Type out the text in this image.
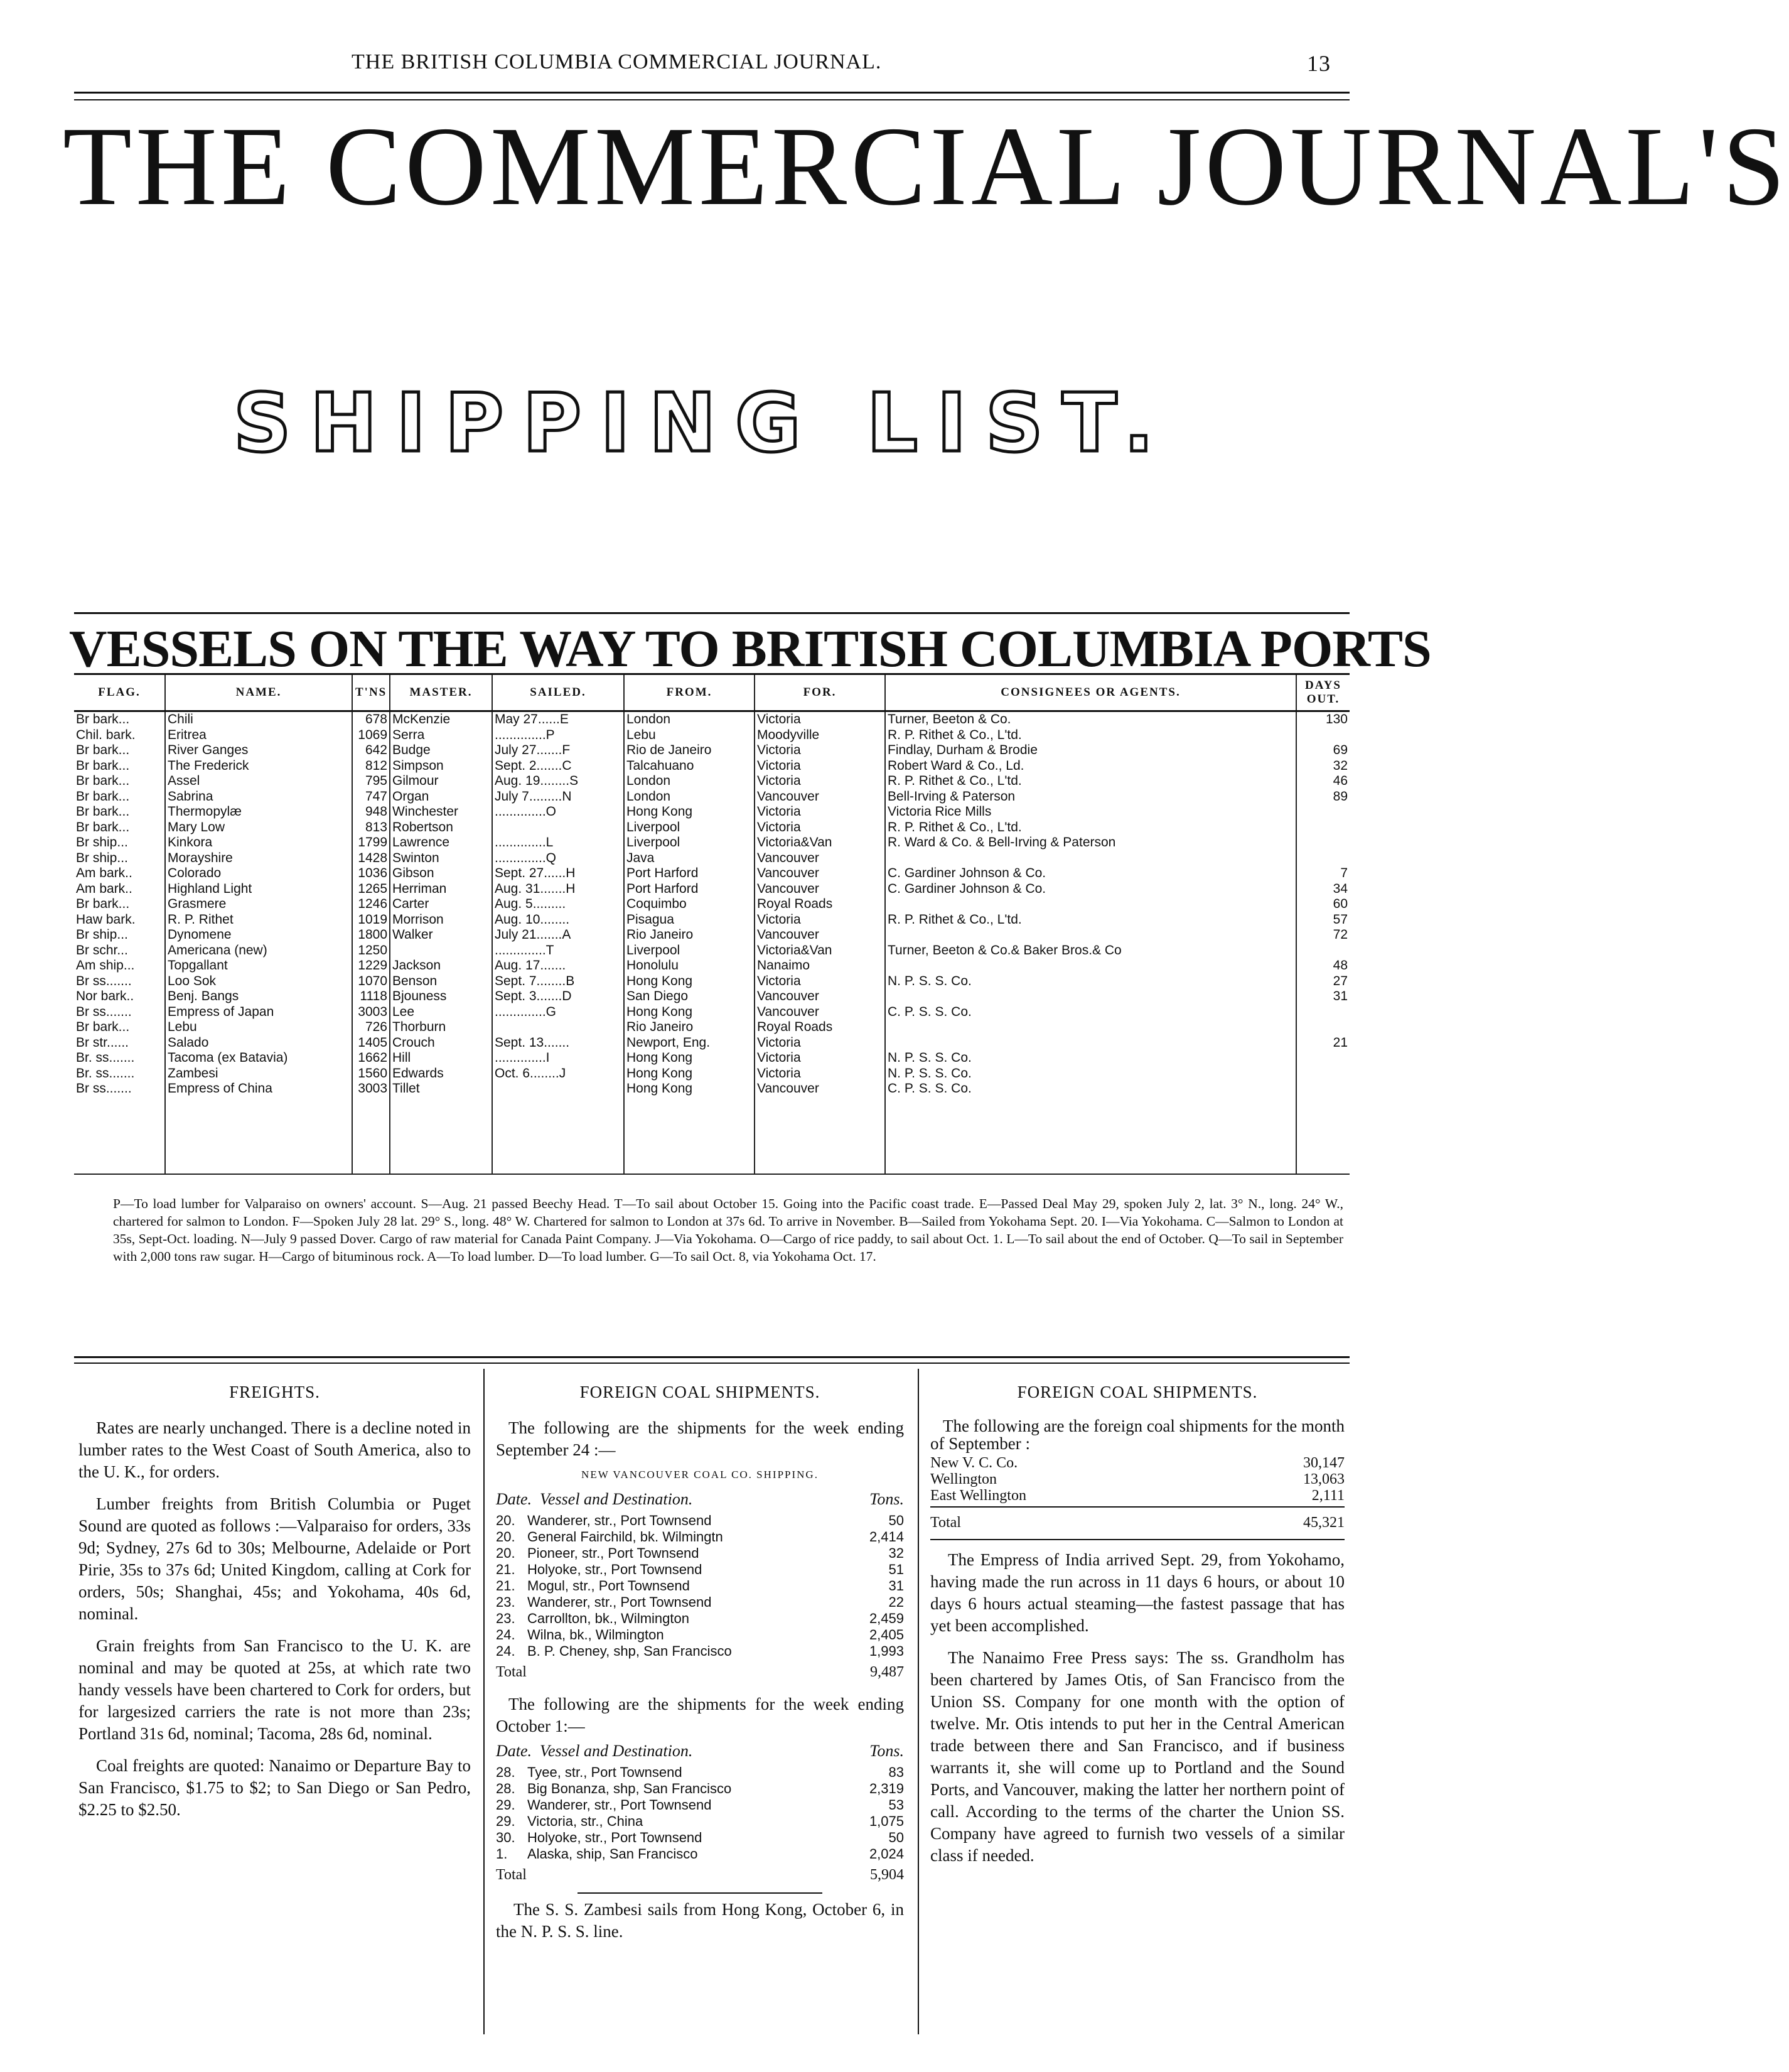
THE BRITISH COLUMBIA COMMERCIAL JOURNAL.	13
THE COMMERCIAL JOURNAL'S
SHIPPING LIST.
VESSELS ON THE WAY TO BRITISH COLUMBIA PORTS
FLAG.	NAME.	T'NS	MASTER.	SAILED.	FROM.	FOR.	CONSIGNEES OR AGENTS.	DAYS OUT.
Br bark...	Chili	678	McKenzie	May 27......E	London	Victoria	Turner, Beeton & Co.	130
Chil. bark.	Eritrea	1069	Serra	..............P	Lebu	Moodyville	R. P. Rithet & Co., L'td.	
Br bark...	River Ganges	642	Budge	July 27.......F	Rio de Janeiro	Victoria	Findlay, Durham & Brodie	69
Br bark...	The Frederick	812	Simpson	Sept. 2.......C	Talcahuano	Victoria	Robert Ward & Co., Ld.	32
Br bark...	Assel	795	Gilmour	Aug. 19........S	London	Victoria	R. P. Rithet & Co., L'td.	46
Br bark...	Sabrina	747	Organ	July 7.........N	London	Vancouver	Bell-Irving & Paterson	89
Br bark...	Thermopylæ	948	Winchester	..............O	Hong Kong	Victoria	Victoria Rice Mills	
Br bark...	Mary Low	813	Robertson		Liverpool	Victoria	R. P. Rithet & Co., L'td.	
Br ship...	Kinkora	1799	Lawrence	..............L	Liverpool	Victoria&Van	R. Ward & Co. & Bell-Irving & Paterson	
Br ship...	Morayshire	1428	Swinton	..............Q	Java	Vancouver		
Am bark..	Colorado	1036	Gibson	Sept. 27......H	Port Harford	Vancouver	C. Gardiner Johnson & Co.	7
Am bark..	Highland Light	1265	Herriman	Aug. 31.......H	Port Harford	Vancouver	C. Gardiner Johnson & Co.	34
Br bark...	Grasmere	1246	Carter	Aug. 5.........	Coquimbo	Royal Roads		60
Haw bark.	R. P. Rithet	1019	Morrison	Aug. 10........	Pisagua	Victoria	R. P. Rithet & Co., L'td.	57
Br ship...	Dynomene	1800	Walker	July 21.......A	Rio Janeiro	Vancouver		72
Br schr...	Americana (new)	1250		..............T	Liverpool	Victoria&Van	Turner, Beeton & Co.& Baker Bros.& Co	
Am ship...	Topgallant	1229	Jackson	Aug. 17.......	Honolulu	Nanaimo		48
Br ss.......	Loo Sok	1070	Benson	Sept. 7........B	Hong Kong	Victoria	N. P. S. S. Co.	27
Nor bark..	Benj. Bangs	1118	Bjouness	Sept. 3.......D	San Diego	Vancouver		31
Br ss.......	Empress of Japan	3003	Lee	..............G	Hong Kong	Vancouver	C. P. S. S. Co.	
Br bark...	Lebu	726	Thorburn		Rio Janeiro	Royal Roads		
Br str......	Salado	1405	Crouch	Sept. 13.......	Newport, Eng.	Victoria		21
Br. ss.......	Tacoma (ex Batavia)	1662	Hill	..............I	Hong Kong	Victoria	N. P. S. S. Co.	
Br. ss.......	Zambesi	1560	Edwards	Oct. 6........J	Hong Kong	Victoria	N. P. S. S. Co.	
Br ss.......	Empress of China	3003	Tillet		Hong Kong	Vancouver	C. P. S. S. Co.	

P—To load lumber for Valparaiso on owners' account. S—Aug. 21 passed Beechy Head. T—To sail about October 15. Going into the Pacific coast trade. E—Passed Deal May 29, spoken July 2, lat. 3° N., long. 24° W., chartered for salmon to London. F—Spoken July 28 lat. 29° S., long. 48° W. Chartered for salmon to London at 37s 6d. To arrive in November. B—Sailed from Yokohama Sept. 20. I—Via Yokohama. C—Salmon to London at 35s, Sept-Oct. loading. N—July 9 passed Dover. Cargo of raw material for Canada Paint Company. J—Via Yokohama. O—Cargo of rice paddy, to sail about Oct. 1. L—To sail about the end of October. Q—To sail in September with 2,000 tons raw sugar. H—Cargo of bituminous rock. A—To load lumber. D—To load lumber. G—To sail Oct. 8, via Yokohama Oct. 17.
FREIGHTS.

Rates are nearly unchanged. There is a decline noted in lumber rates to the West Coast of South America, also to the U. K., for orders.

Lumber freights from British Columbia or Puget Sound are quoted as follows :—Valparaiso for orders, 33s 9d; Sydney, 27s 6d to 30s; Melbourne, Adelaide or Port Pirie, 35s to 37s 6d; United Kingdom, calling at Cork for orders, 50s; Shanghai, 45s; and Yokohama, 40s 6d, nominal.

Grain freights from San Francisco to the U. K. are nominal and may be quoted at 25s, at which rate two handy vessels have been chartered to Cork for orders, but for largesized carriers the rate is not more than 23s; Portland 31s 6d, nominal; Tacoma, 28s 6d, nominal.

Coal freights are quoted: Nanaimo or Departure Bay to San Francisco, $1.75 to $2; to San Diego or San Pedro, $2.25 to $2.50.

FOREIGN COAL SHIPMENTS.

The following are the shipments for the week ending September 24 :—

NEW VANCOUVER COAL CO. SHIPPING.
Date. Vessel and Destination.	Tons.
20. Wanderer, str., Port Townsend	50
20. General Fairchild, bk. Wilmingtn	2,414
20. Pioneer, str., Port Townsend	32
21. Holyoke, str., Port Townsend	51
21. Mogul, str., Port Townsend	31
23. Wanderer, str., Port Townsend	22
23. Carrollton, bk., Wilmington	2,459
24. Wilna, bk., Wilmington	2,405
24. B. P. Cheney, shp, San Francisco	1,993
Total	9,487

The following are the shipments for the week ending October 1:—

Date. Vessel and Destination.	Tons.
28. Tyee, str., Port Townsend	83
28. Big Bonanza, shp, San Francisco	2,319
29. Wanderer, str., Port Townsend	53
29. Victoria, str., China	1,075
30. Holyoke, str., Port Townsend	50
1.	Alaska, ship, San Francisco	2,024
Total	5,904

The S. S. Zambesi sails from Hong Kong, October 6, in the N. P. S. S. line.

FOREIGN COAL SHIPMENTS.

The following are the foreign coal shipments for the month of September :

New V. C. Co.	30,147
Wellington	13,063
East Wellington	2,111
Total	45,321

The Empress of India arrived Sept. 29, from Yokohamo, having made the run across in 11 days 6 hours, or about 10 days 6 hours actual steaming—the fastest passage that has yet been accomplished.

The Nanaimo Free Press says: The ss. Grandholm has been chartered by James Otis, of San Francisco from the Union SS. Company for one month with the option of twelve. Mr. Otis intends to put her in the Central American trade between there and San Francisco, and if business warrants it, she will come up to Portland and the Sound Ports, and Vancouver, making the latter her northern point of call. According to the terms of the charter the Union SS. Company have agreed to furnish two vessels of a similar class if needed.
